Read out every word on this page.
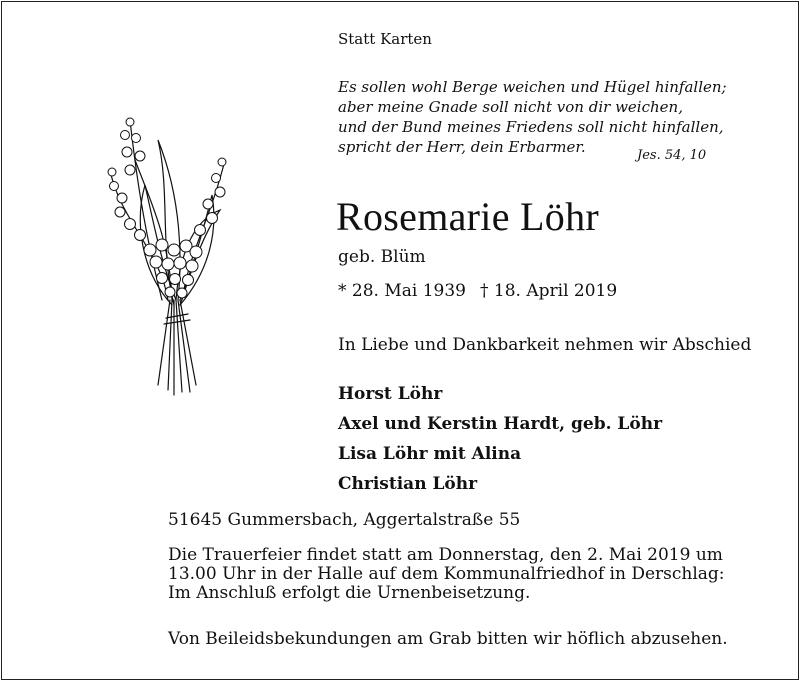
Statt Karten
Es sollen wohl Berge weichen und Hügel hinfallen;
aber meine Gnade soll nicht von dir weichen,
und der Bund meines Friedens soll nicht hinfallen,
spricht der Herr, dein Erbarmer.	Jes. 54, 10
Rosemarie Löhr
geb. Blüm
* 28. Mai 1939 † 18. April 2019
In Liebe und Dankbarkeit nehmen wir Abschied
Horst Löhr
Axel und Kerstin Hardt, geb. Löhr
Lisa Löhr mit Alina
Christian Löhr
51645 Gummersbach, Aggertalstraße 55
Die Trauerfeier findet statt am Donnerstag, den 2. Mai 2019 um
13.00 Uhr in der Halle auf dem Kommunalfriedhof in Derschlag:
Im Anschluß erfolgt die Urnenbeisetzung.
Von Beileidsbekundungen am Grab bitten wir höflich abzusehen.
